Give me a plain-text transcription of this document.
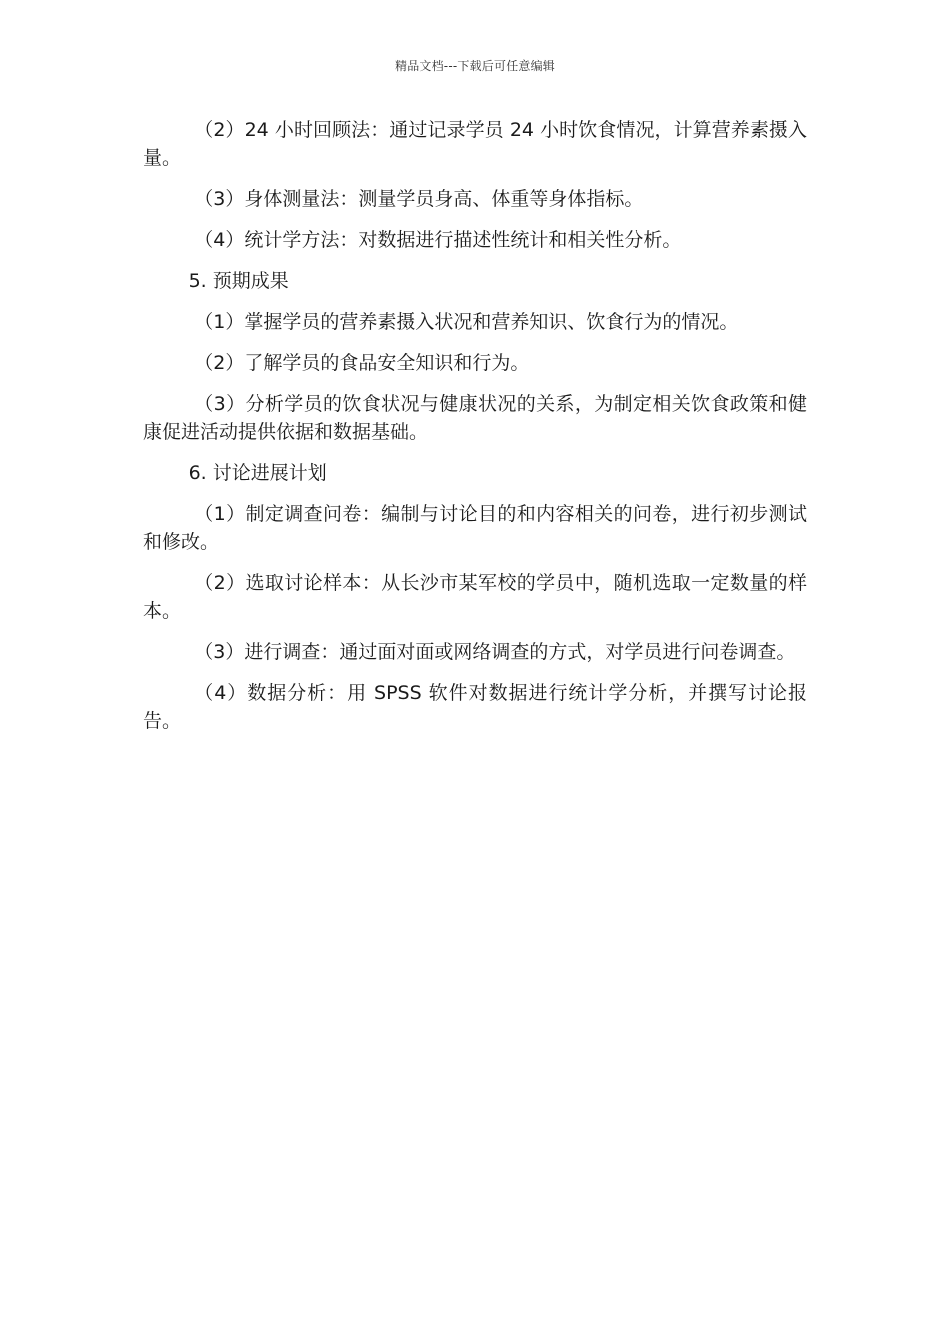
精品文档---下载后可任意编辑

（2）24 小时回顾法：通过记录学员 24 小时饮食情况，计算营养素摄入量。

（3）身体测量法：测量学员身高、体重等身体指标。

（4）统计学方法：对数据进行描述性统计和相关性分析。

5. 预期成果

（1）掌握学员的营养素摄入状况和营养知识、饮食行为的情况。

（2）了解学员的食品安全知识和行为。

（3）分析学员的饮食状况与健康状况的关系，为制定相关饮食政策和健康促进活动提供依据和数据基础。

6. 讨论进展计划

（1）制定调查问卷：编制与讨论目的和内容相关的问卷，进行初步测试和修改。

（2）选取讨论样本：从长沙市某军校的学员中，随机选取一定数量的样本。

（3）进行调查：通过面对面或网络调查的方式，对学员进行问卷调查。

（4）数据分析：用 SPSS 软件对数据进行统计学分析，并撰写讨论报告。
